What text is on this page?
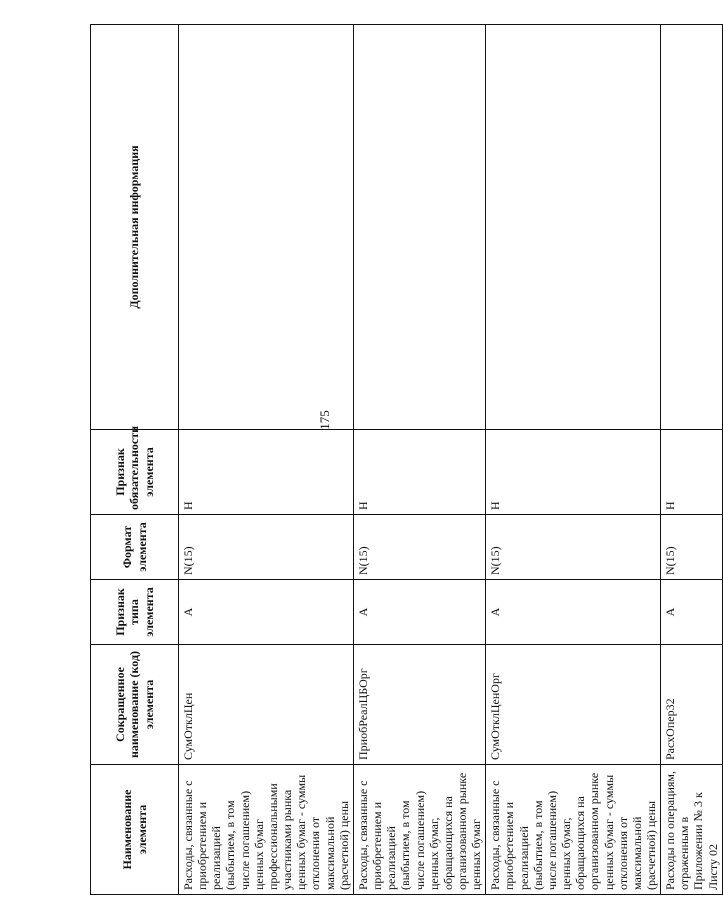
175
Наименование элемента	Сокращенное наименование (код) элемента	Признак типа элемента	Формат элемента	Признак обязательности элемента	Дополнительная информация
Расходы, связанные с приобретением и реализацией (выбытием, в том числе погашением) ценных бумаг профессиональными участниками рынка ценных бумаг - суммы отклонения от максимальной (расчетной) цены	СумОтклЦен	А	N(15)	Н	
Расходы, связанные с приобретением и реализацией (выбытием, в том числе погашением) ценных бумаг, обращающихся на организованном рынке ценных бумаг	ПриобРеалЦБОрг	А	N(15)	Н	
Расходы, связанные с приобретением и реализацией (выбытием, в том числе погашением) ценных бумаг, обращающихся на организованном рынке ценных бумаг - суммы отклонения от максимальной (расчетной) цены	СумОтклЦенОрг	А	N(15)	Н	
Расходы по операциям, отраженным в Приложении № 3 к Листу 02	РасхОпер32	А	N(15)	Н	
